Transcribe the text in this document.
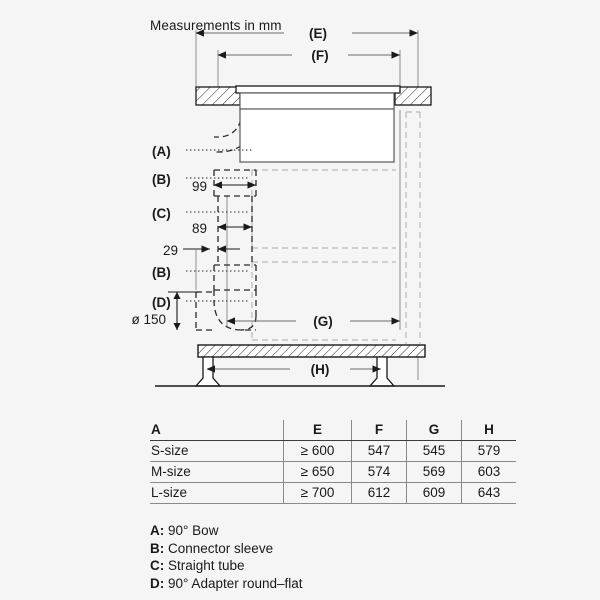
Measurements in mm
(E)
(F)
(G)
(H)
(A)
(B)
(C)
(B)
(D)
99
89
29
ø 150
A	E	F	G	H
S-size	≥ 600	547	545	579
M-size	≥ 650	574	569	603
L-size	≥ 700	612	609	643
A: 90° Bow
B: Connector sleeve
C: Straight tube
D: 90° Adapter round–flat
